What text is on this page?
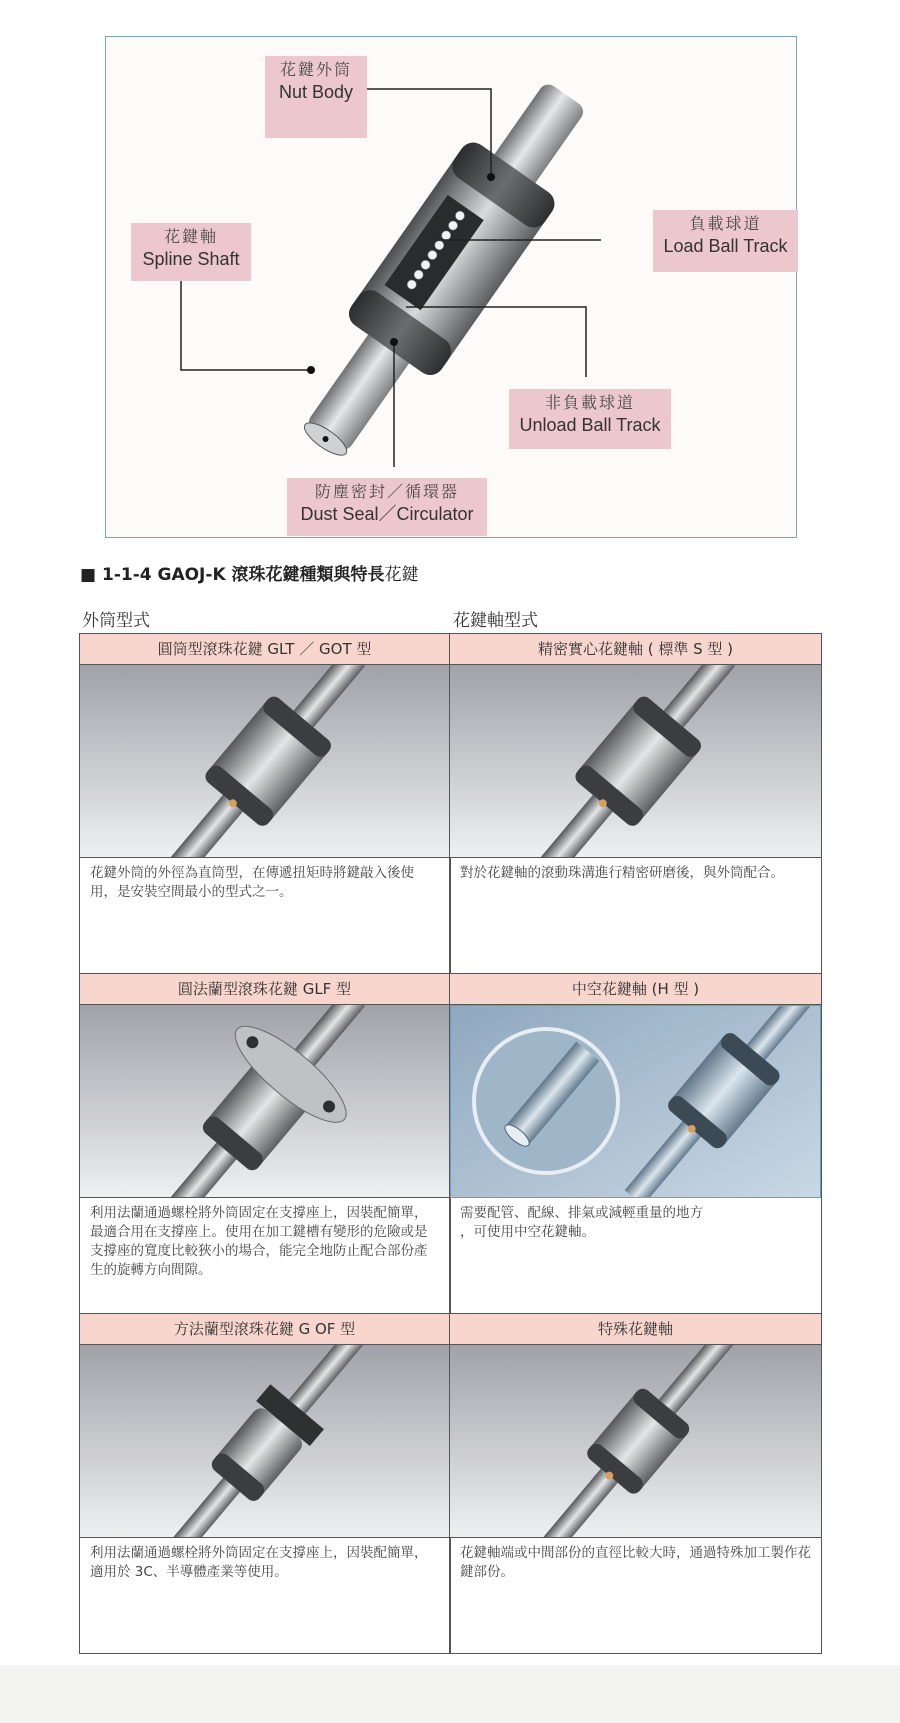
花鍵外筒
Nut Body
花鍵軸
Spline Shaft
負載球道
Load Ball Track
非負載球道
Unload Ball Track
防塵密封／循環器
Dust Seal／Circulator
■ 1-1-4 GAOJ-K 滾珠花鍵種類與特長花鍵
外筒型式	花鍵軸型式
圓筒型滾珠花鍵 GLT ／ GOT 型	精密實心花鍵軸 ( 標準 S 型 )
花鍵外筒的外徑為直筒型，在傳遞扭矩時將鍵敲入後使用，是安裝空間最小的型式之一。
對於花鍵軸的滾動珠溝進行精密研磨後，與外筒配合。
圓法蘭型滾珠花鍵 GLF 型	中空花鍵軸 (H 型 )
利用法蘭通過螺栓將外筒固定在支撐座上，因裝配簡單，最適合用在支撐座上。使用在加工鍵槽有變形的危險或是支撐座的寬度比較狹小的場合，能完全地防止配合部份產生的旋轉方向間隙。
需要配管、配線、排氣或減輕重量的地方
，可使用中空花鍵軸。
方法蘭型滾珠花鍵 G OF 型	特殊花鍵軸
利用法蘭通過螺栓將外筒固定在支撐座上，因裝配簡單，適用於 3C、半導體產業等使用。
花鍵軸端或中間部份的直徑比較大時，通過特殊加工製作花鍵部份。
